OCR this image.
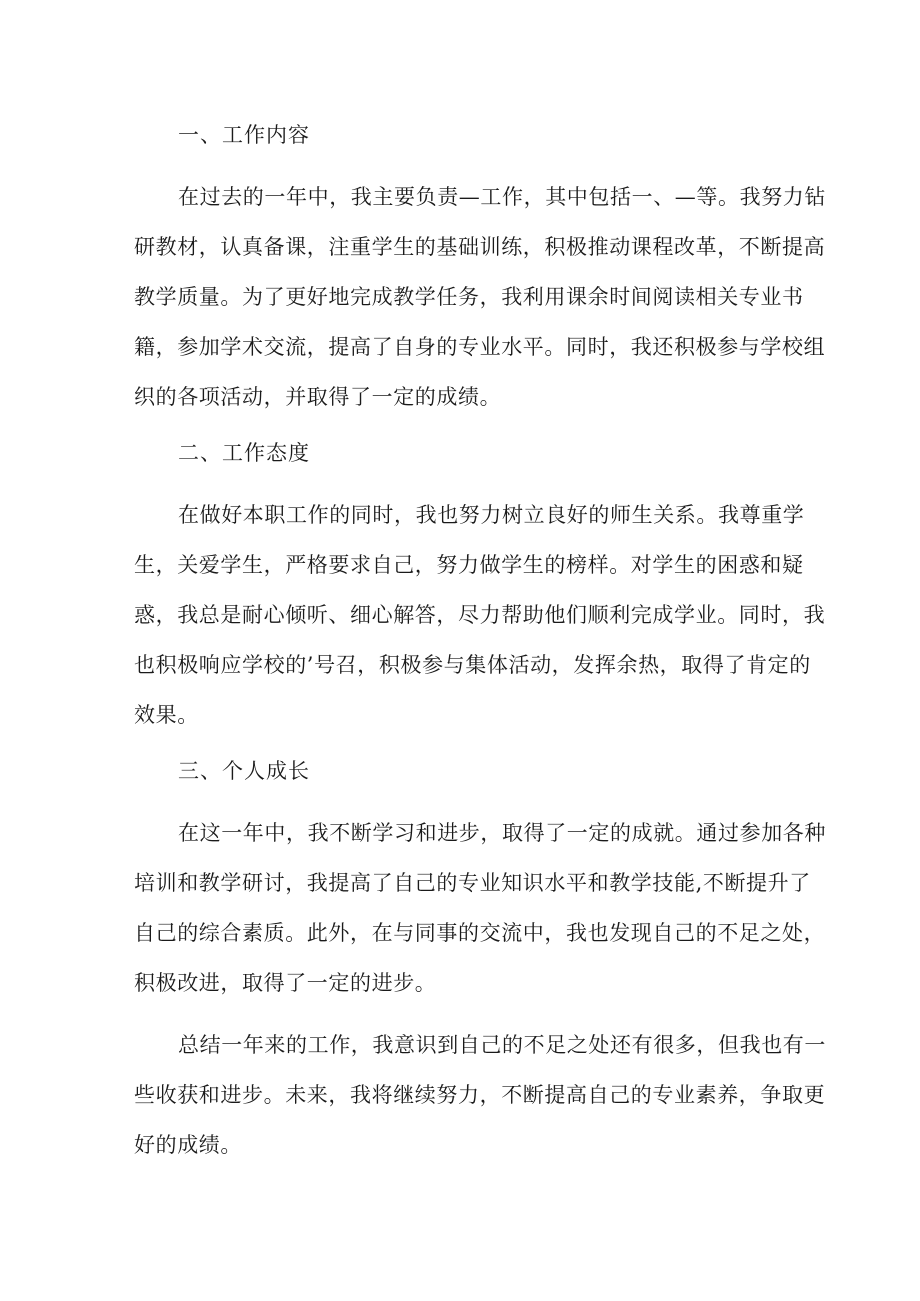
一、工作内容
在过去的一年中，我主要负责—工作，其中包括一、—等。我努力钻
研教材，认真备课，注重学生的基础训练，积极推动课程改革，不断提高
教学质量。为了更好地完成教学任务，我利用课余时间阅读相关专业书
籍，参加学术交流，提高了自身的专业水平。同时，我还积极参与学校组
织的各项活动，并取得了一定的成绩。
二、工作态度
在做好本职工作的同时，我也努力树立良好的师生关系。我尊重学
生，关爱学生，严格要求自己，努力做学生的榜样。对学生的困惑和疑
惑，我总是耐心倾听、细心解答，尽力帮助他们顺利完成学业。同时，我
也积极响应学校的’号召，积极参与集体活动，发挥余热，取得了肯定的
效果。
三、个人成长
在这一年中，我不断学习和进步，取得了一定的成就。通过参加各种
培训和教学研讨，我提高了自己的专业知识水平和教学技能,不断提升了
自己的综合素质。此外，在与同事的交流中，我也发现自己的不足之处，
积极改进，取得了一定的进步。
总结一年来的工作，我意识到自己的不足之处还有很多，但我也有一
些收获和进步。未来，我将继续努力，不断提高自己的专业素养，争取更
好的成绩。
